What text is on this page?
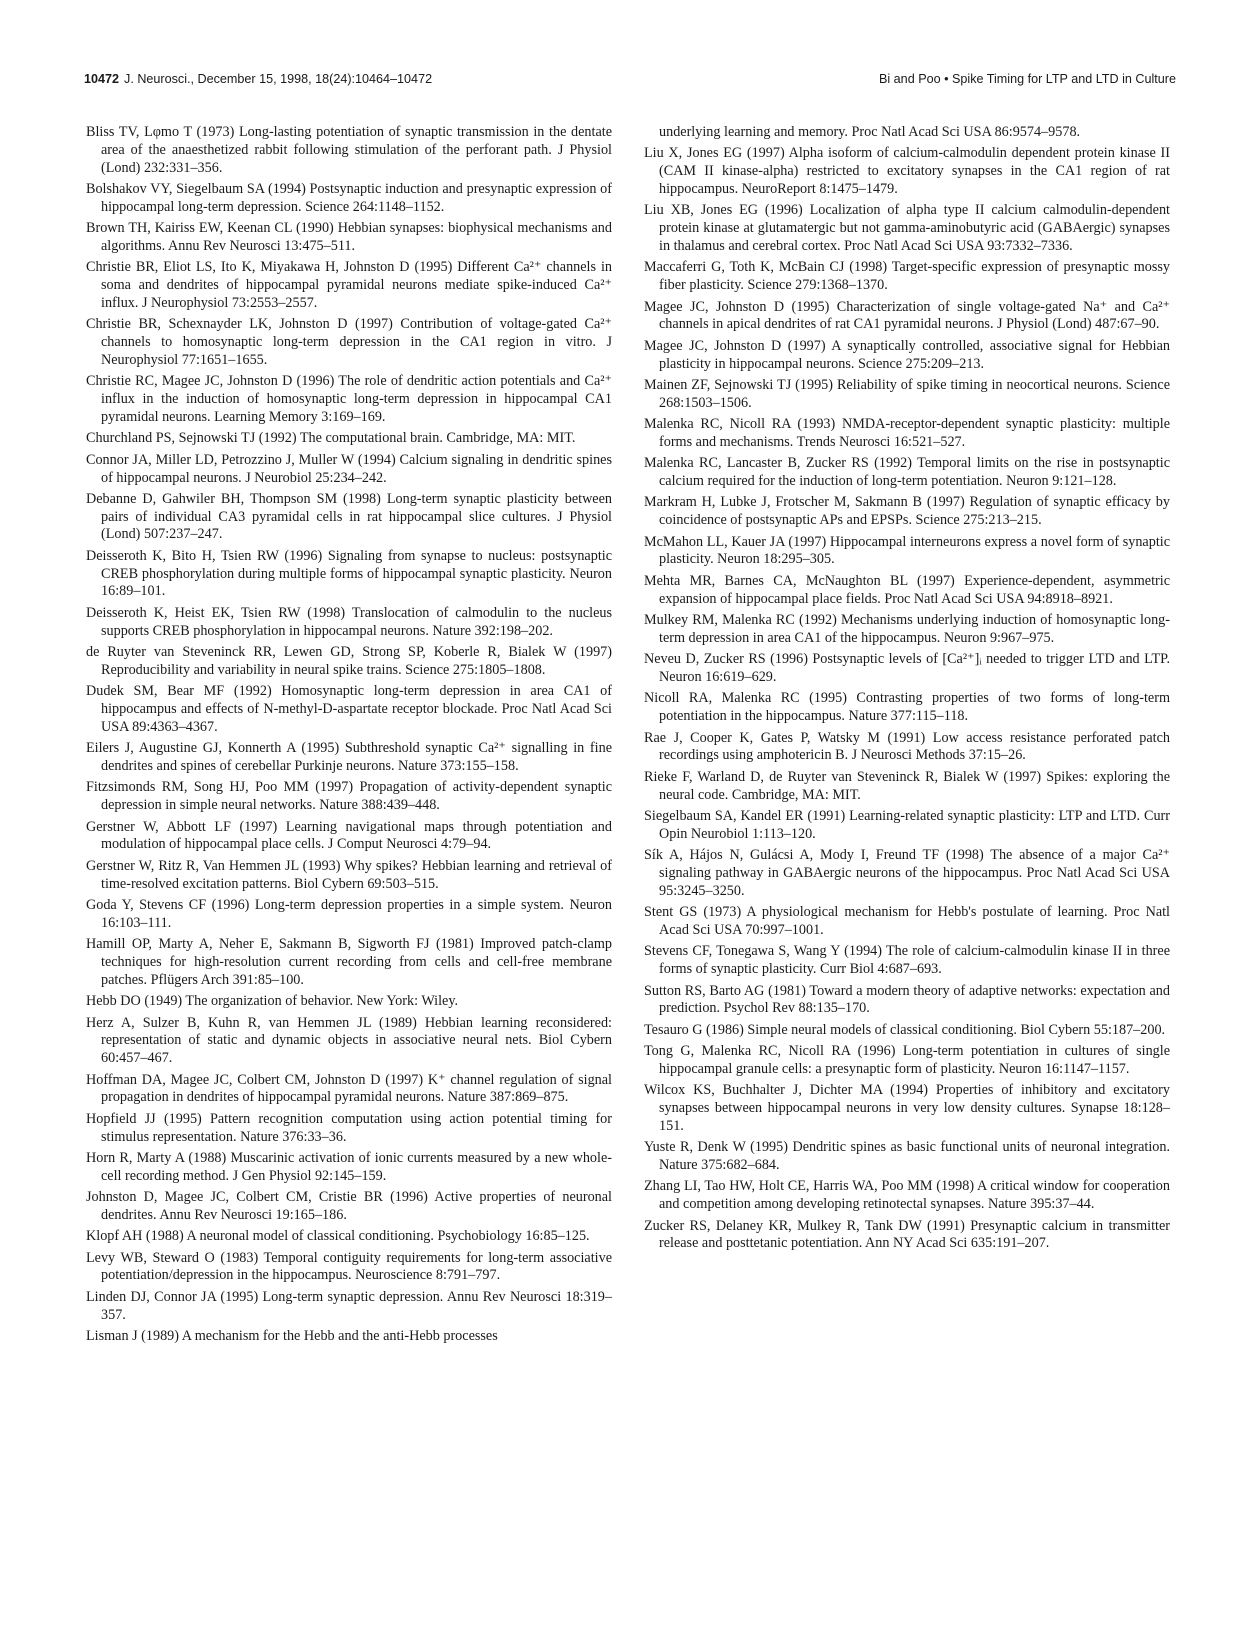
10472 J. Neurosci., December 15, 1998, 18(24):10464–10472	Bi and Poo • Spike Timing for LTP and LTD in Culture
Bliss TV, Lφmo T (1973) Long-lasting potentiation of synaptic transmission in the dentate area of the anaesthetized rabbit following stimulation of the perforant path. J Physiol (Lond) 232:331–356.
Bolshakov VY, Siegelbaum SA (1994) Postsynaptic induction and presynaptic expression of hippocampal long-term depression. Science 264:1148–1152.
Brown TH, Kairiss EW, Keenan CL (1990) Hebbian synapses: biophysical mechanisms and algorithms. Annu Rev Neurosci 13:475–511.
Christie BR, Eliot LS, Ito K, Miyakawa H, Johnston D (1995) Different Ca²⁺ channels in soma and dendrites of hippocampal pyramidal neurons mediate spike-induced Ca²⁺ influx. J Neurophysiol 73:2553–2557.
Christie BR, Schexnayder LK, Johnston D (1997) Contribution of voltage-gated Ca²⁺ channels to homosynaptic long-term depression in the CA1 region in vitro. J Neurophysiol 77:1651–1655.
Christie RC, Magee JC, Johnston D (1996) The role of dendritic action potentials and Ca²⁺ influx in the induction of homosynaptic long-term depression in hippocampal CA1 pyramidal neurons. Learning Memory 3:169–169.
Churchland PS, Sejnowski TJ (1992) The computational brain. Cambridge, MA: MIT.
Connor JA, Miller LD, Petrozzino J, Muller W (1994) Calcium signaling in dendritic spines of hippocampal neurons. J Neurobiol 25:234–242.
Debanne D, Gahwiler BH, Thompson SM (1998) Long-term synaptic plasticity between pairs of individual CA3 pyramidal cells in rat hippocampal slice cultures. J Physiol (Lond) 507:237–247.
Deisseroth K, Bito H, Tsien RW (1996) Signaling from synapse to nucleus: postsynaptic CREB phosphorylation during multiple forms of hippocampal synaptic plasticity. Neuron 16:89–101.
Deisseroth K, Heist EK, Tsien RW (1998) Translocation of calmodulin to the nucleus supports CREB phosphorylation in hippocampal neurons. Nature 392:198–202.
de Ruyter van Steveninck RR, Lewen GD, Strong SP, Koberle R, Bialek W (1997) Reproducibility and variability in neural spike trains. Science 275:1805–1808.
Dudek SM, Bear MF (1992) Homosynaptic long-term depression in area CA1 of hippocampus and effects of N-methyl-D-aspartate receptor blockade. Proc Natl Acad Sci USA 89:4363–4367.
Eilers J, Augustine GJ, Konnerth A (1995) Subthreshold synaptic Ca²⁺ signalling in fine dendrites and spines of cerebellar Purkinje neurons. Nature 373:155–158.
Fitzsimonds RM, Song HJ, Poo MM (1997) Propagation of activity-dependent synaptic depression in simple neural networks. Nature 388:439–448.
Gerstner W, Abbott LF (1997) Learning navigational maps through potentiation and modulation of hippocampal place cells. J Comput Neurosci 4:79–94.
Gerstner W, Ritz R, Van Hemmen JL (1993) Why spikes? Hebbian learning and retrieval of time-resolved excitation patterns. Biol Cybern 69:503–515.
Goda Y, Stevens CF (1996) Long-term depression properties in a simple system. Neuron 16:103–111.
Hamill OP, Marty A, Neher E, Sakmann B, Sigworth FJ (1981) Improved patch-clamp techniques for high-resolution current recording from cells and cell-free membrane patches. Pflügers Arch 391:85–100.
Hebb DO (1949) The organization of behavior. New York: Wiley.
Herz A, Sulzer B, Kuhn R, van Hemmen JL (1989) Hebbian learning reconsidered: representation of static and dynamic objects in associative neural nets. Biol Cybern 60:457–467.
Hoffman DA, Magee JC, Colbert CM, Johnston D (1997) K⁺ channel regulation of signal propagation in dendrites of hippocampal pyramidal neurons. Nature 387:869–875.
Hopfield JJ (1995) Pattern recognition computation using action potential timing for stimulus representation. Nature 376:33–36.
Horn R, Marty A (1988) Muscarinic activation of ionic currents measured by a new whole-cell recording method. J Gen Physiol 92:145–159.
Johnston D, Magee JC, Colbert CM, Cristie BR (1996) Active properties of neuronal dendrites. Annu Rev Neurosci 19:165–186.
Klopf AH (1988) A neuronal model of classical conditioning. Psychobiology 16:85–125.
Levy WB, Steward O (1983) Temporal contiguity requirements for long-term associative potentiation/depression in the hippocampus. Neuroscience 8:791–797.
Linden DJ, Connor JA (1995) Long-term synaptic depression. Annu Rev Neurosci 18:319–357.
Lisman J (1989) A mechanism for the Hebb and the anti-Hebb processes
underlying learning and memory. Proc Natl Acad Sci USA 86:9574–9578.
Liu X, Jones EG (1997) Alpha isoform of calcium-calmodulin dependent protein kinase II (CAM II kinase-alpha) restricted to excitatory synapses in the CA1 region of rat hippocampus. NeuroReport 8:1475–1479.
Liu XB, Jones EG (1996) Localization of alpha type II calcium calmodulin-dependent protein kinase at glutamatergic but not gamma-aminobutyric acid (GABAergic) synapses in thalamus and cerebral cortex. Proc Natl Acad Sci USA 93:7332–7336.
Maccaferri G, Toth K, McBain CJ (1998) Target-specific expression of presynaptic mossy fiber plasticity. Science 279:1368–1370.
Magee JC, Johnston D (1995) Characterization of single voltage-gated Na⁺ and Ca²⁺ channels in apical dendrites of rat CA1 pyramidal neurons. J Physiol (Lond) 487:67–90.
Magee JC, Johnston D (1997) A synaptically controlled, associative signal for Hebbian plasticity in hippocampal neurons. Science 275:209–213.
Mainen ZF, Sejnowski TJ (1995) Reliability of spike timing in neocortical neurons. Science 268:1503–1506.
Malenka RC, Nicoll RA (1993) NMDA-receptor-dependent synaptic plasticity: multiple forms and mechanisms. Trends Neurosci 16:521–527.
Malenka RC, Lancaster B, Zucker RS (1992) Temporal limits on the rise in postsynaptic calcium required for the induction of long-term potentiation. Neuron 9:121–128.
Markram H, Lubke J, Frotscher M, Sakmann B (1997) Regulation of synaptic efficacy by coincidence of postsynaptic APs and EPSPs. Science 275:213–215.
McMahon LL, Kauer JA (1997) Hippocampal interneurons express a novel form of synaptic plasticity. Neuron 18:295–305.
Mehta MR, Barnes CA, McNaughton BL (1997) Experience-dependent, asymmetric expansion of hippocampal place fields. Proc Natl Acad Sci USA 94:8918–8921.
Mulkey RM, Malenka RC (1992) Mechanisms underlying induction of homosynaptic long-term depression in area CA1 of the hippocampus. Neuron 9:967–975.
Neveu D, Zucker RS (1996) Postsynaptic levels of [Ca²⁺]ᵢ needed to trigger LTD and LTP. Neuron 16:619–629.
Nicoll RA, Malenka RC (1995) Contrasting properties of two forms of long-term potentiation in the hippocampus. Nature 377:115–118.
Rae J, Cooper K, Gates P, Watsky M (1991) Low access resistance perforated patch recordings using amphotericin B. J Neurosci Methods 37:15–26.
Rieke F, Warland D, de Ruyter van Steveninck R, Bialek W (1997) Spikes: exploring the neural code. Cambridge, MA: MIT.
Siegelbaum SA, Kandel ER (1991) Learning-related synaptic plasticity: LTP and LTD. Curr Opin Neurobiol 1:113–120.
Sík A, Hájos N, Gulácsi A, Mody I, Freund TF (1998) The absence of a major Ca²⁺ signaling pathway in GABAergic neurons of the hippocampus. Proc Natl Acad Sci USA 95:3245–3250.
Stent GS (1973) A physiological mechanism for Hebb's postulate of learning. Proc Natl Acad Sci USA 70:997–1001.
Stevens CF, Tonegawa S, Wang Y (1994) The role of calcium-calmodulin kinase II in three forms of synaptic plasticity. Curr Biol 4:687–693.
Sutton RS, Barto AG (1981) Toward a modern theory of adaptive networks: expectation and prediction. Psychol Rev 88:135–170.
Tesauro G (1986) Simple neural models of classical conditioning. Biol Cybern 55:187–200.
Tong G, Malenka RC, Nicoll RA (1996) Long-term potentiation in cultures of single hippocampal granule cells: a presynaptic form of plasticity. Neuron 16:1147–1157.
Wilcox KS, Buchhalter J, Dichter MA (1994) Properties of inhibitory and excitatory synapses between hippocampal neurons in very low density cultures. Synapse 18:128–151.
Yuste R, Denk W (1995) Dendritic spines as basic functional units of neuronal integration. Nature 375:682–684.
Zhang LI, Tao HW, Holt CE, Harris WA, Poo MM (1998) A critical window for cooperation and competition among developing retinotectal synapses. Nature 395:37–44.
Zucker RS, Delaney KR, Mulkey R, Tank DW (1991) Presynaptic calcium in transmitter release and posttetanic potentiation. Ann NY Acad Sci 635:191–207.
